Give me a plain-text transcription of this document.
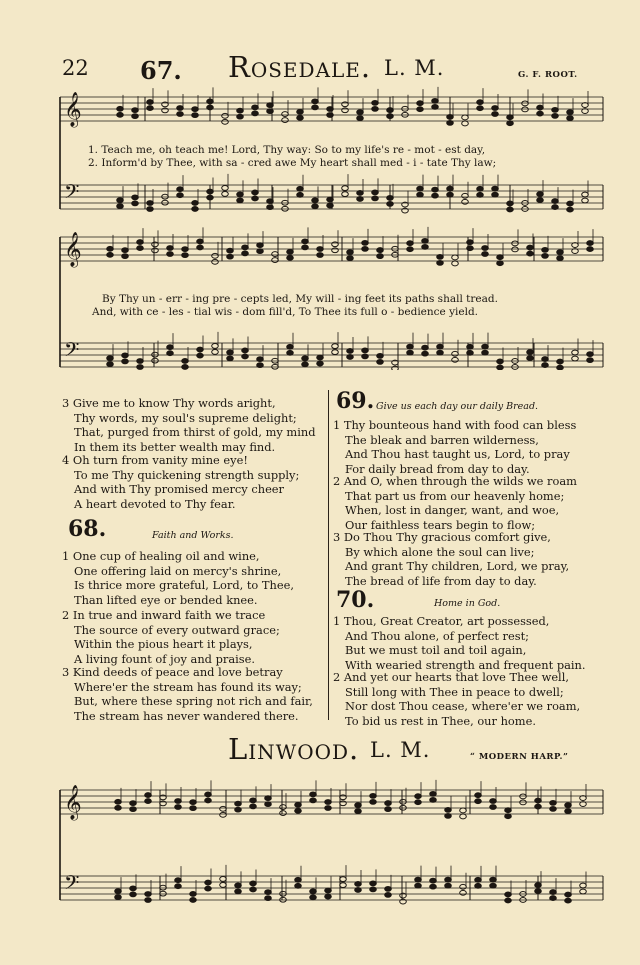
22 67. Rosedale. L. M.	G. F. ROOT.
𝄞
𝄢
1. Teach me, oh teach me! Lord, Thy way: So to my life's re - mot - est day,
2. Inform'd by Thee, with sa - cred awe My heart shall med - i - tate Thy law;
𝄞
𝄢
By Thy un - err - ing pre - cepts led, My will - ing feet its paths shall tread.
And, with ce - les - tial wis - dom fill'd, To Thee its full o - bedience yield.
3 Give me to know Thy words aright,
Thy words, my soul's supreme delight;
That, purged from thirst of gold, my mind
In them its better wealth may find.
4 Oh turn from vanity mine eye!
To me Thy quickening strength supply;
And with Thy promised mercy cheer
A heart devoted to Thy fear.
68.	Faith and Works.
1 One cup of healing oil and wine,
One offering laid on mercy's shrine,
Is thrice more grateful, Lord, to Thee,
Than lifted eye or bended knee.
2 In true and inward faith we trace
The source of every outward grace;
Within the pious heart it plays,
A living fount of joy and praise.
3 Kind deeds of peace and love betray
Where'er the stream has found its way;
But, where these spring not rich and fair,
The stream has never wandered there.
69. Give us each day our daily Bread.
1 Thy bounteous hand with food can bless
The bleak and barren wilderness,
And Thou hast taught us, Lord, to pray
For daily bread from day to day.
2 And O, when through the wilds we roam
That part us from our heavenly home;
When, lost in danger, want, and woe,
Our faithless tears begin to flow;
3 Do Thou Thy gracious comfort give,
By which alone the soul can live;
And grant Thy children, Lord, we pray,
The bread of life from day to day.
70.	Home in God.
1 Thou, Great Creator, art possessed,
And Thou alone, of perfect rest;
But we must toil and toil again,
With wearied strength and frequent pain.
2 And yet our hearts that love Thee well,
Still long with Thee in peace to dwell;
Nor dost Thou cease, where'er we roam,
To bid us rest in Thee, our home.
Linwood. L. M.	“ MODERN HARP.”
𝄞
𝄢
